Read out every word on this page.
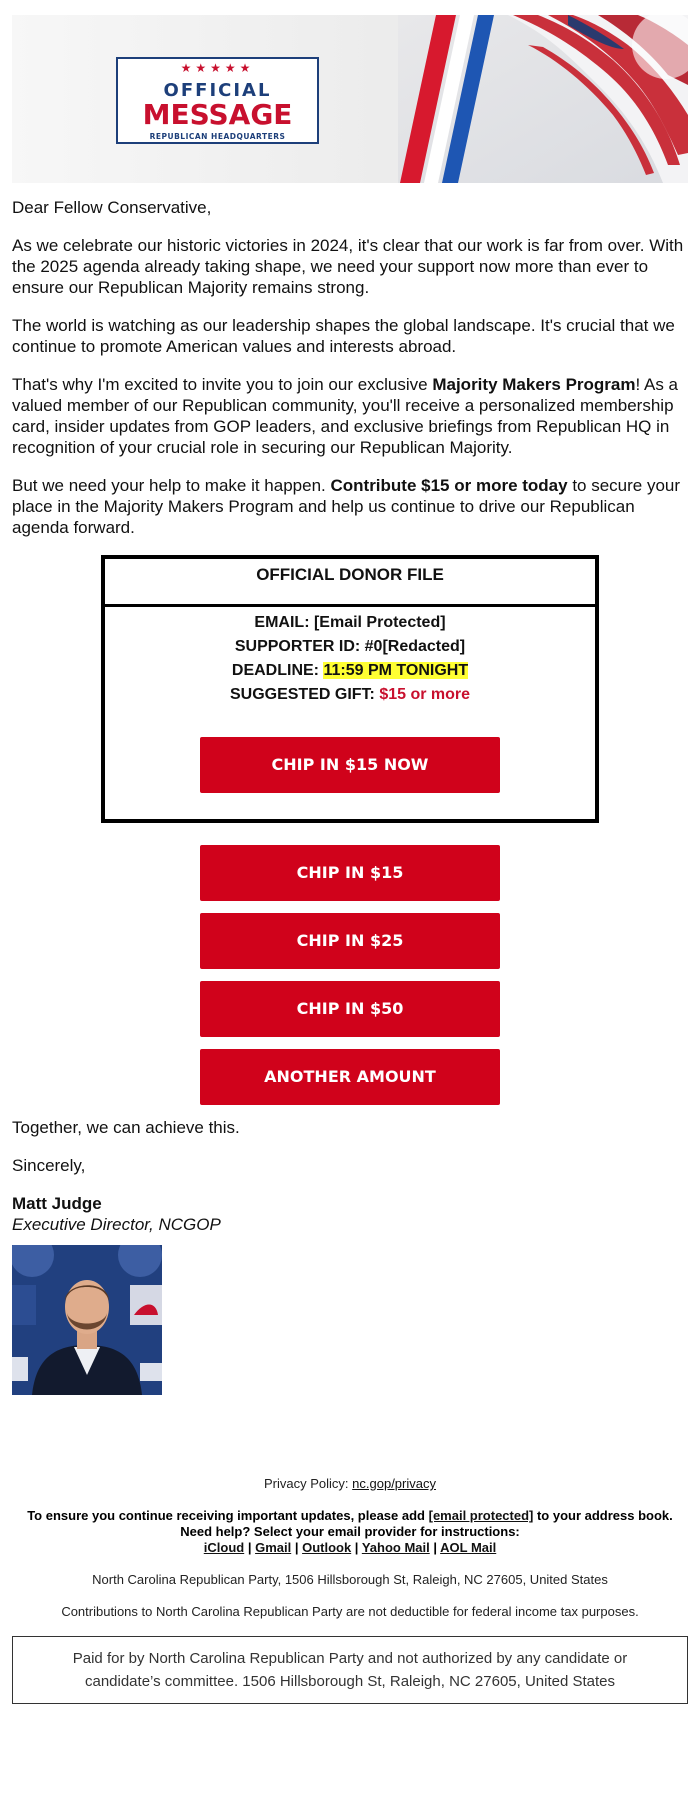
★★★★★
OFFICIAL
MESSAGE
REPUBLICAN HEADQUARTERS

Dear Fellow Conservative,

As we celebrate our historic victories in 2024, it's clear that our work is far from over. With the 2025 agenda already taking shape, we need your support now more than ever to ensure our Republican Majority remains strong.

The world is watching as our leadership shapes the global landscape. It's crucial that we continue to promote American values and interests abroad.

That's why I'm excited to invite you to join our exclusive Majority Makers Program! As a valued member of our Republican community, you'll receive a personalized membership card, insider updates from GOP leaders, and exclusive briefings from Republican HQ in recognition of your crucial role in securing our Republican Majority.

But we need your help to make it happen. Contribute $15 or more today to secure your place in the Majority Makers Program and help us continue to drive our Republican agenda forward.

OFFICIAL DONOR FILE
EMAIL: [Email Protected]
SUPPORTER ID: #0[Redacted]
DEADLINE: 11:59 PM TONIGHT
SUGGESTED GIFT: $15 or more
CHIP IN $15 NOW
CHIP IN $15
CHIP IN $25
CHIP IN $50
ANOTHER AMOUNT

Together, we can achieve this.

Sincerely,

Matt Judge
Executive Director, NCGOP

Privacy Policy: nc.gop/privacy

To ensure you continue receiving important updates, please add [email protected] to your address book. Need help? Select your email provider for instructions:
iCloud | Gmail | Outlook | Yahoo Mail | AOL Mail

North Carolina Republican Party, 1506 Hillsborough St, Raleigh, NC 27605, United States

Contributions to North Carolina Republican Party are not deductible for federal income tax purposes.

Paid for by North Carolina Republican Party and not authorized by any candidate or candidate’s committee. 1506 Hillsborough St, Raleigh, NC 27605, United States
